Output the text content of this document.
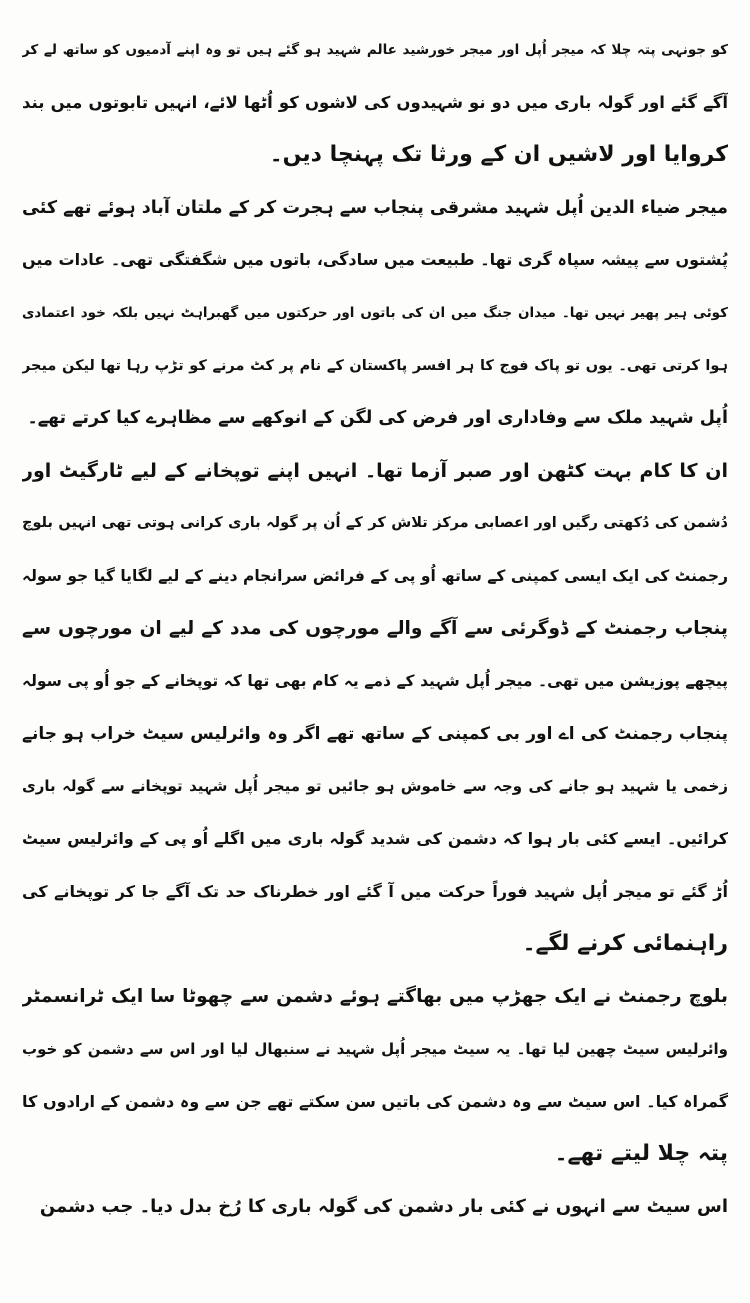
کو جونہی پتہ چلا کہ میجر اُپل اور میجر خورشید عالم شہید ہو گئے ہیں تو وہ اپنے آدمیوں کو ساتھ لے کر
آگے گئے اور گولہ باری میں دو نو شہیدوں کی لاشوں کو اُٹھا لائے، انہیں تابوتوں میں بند
کروایا اور لاشیں ان کے ورثا تک پہنچا دیں۔
میجر ضیاء الدین اُپل شہید مشرقی پنجاب سے ہجرت کر کے ملتان آباد ہوئے تھے کئی
پُشتوں سے پیشہ سپاہ گری تھا۔ طبیعت میں سادگی، باتوں میں شگفتگی تھی۔ عادات میں
کوئی ہیر پھیر نہیں تھا۔ میدان جنگ میں ان کی باتوں اور حرکتوں میں گھبراہٹ نہیں بلکہ خود اعتمادی
ہوا کرتی تھی۔ یوں تو پاک فوج کا ہر افسر پاکستان کے نام پر کٹ مرنے کو تڑپ رہا تھا لیکن میجر
اُپل شہید ملک سے وفاداری اور فرض کی لگن کے انوکھے سے مظاہرے کیا کرتے تھے۔
ان کا کام بہت کٹھن اور صبر آزما تھا۔ انہیں اپنے توپخانے کے لیے ٹارگیٹ اور
دُشمن کی دُکھتی رگیں اور اعصابی مرکز تلاش کر کے اُن پر گولہ باری کرانی ہوتی تھی انہیں بلوچ
رجمنٹ کی ایک ایسی کمپنی کے ساتھ اُو پی کے فرائض سرانجام دینے کے لیے لگایا گیا جو سولہ
پنجاب رجمنٹ کے ڈوگرئی سے آگے والے مورچوں کی مدد کے لیے ان مورچوں سے
پیچھے پوزیشن میں تھی۔ میجر اُپل شہید کے ذمے یہ کام بھی تھا کہ توپخانے کے جو اُو پی سولہ
پنجاب رجمنٹ کی اے اور بی کمپنی کے ساتھ تھے اگر وہ وائرلیس سیٹ خراب ہو جانے
زخمی یا شہید ہو جانے کی وجہ سے خاموش ہو جائیں تو میجر اُپل شہید توپخانے سے گولہ باری
کرائیں۔ ایسے کئی بار ہوا کہ دشمن کی شدید گولہ باری میں اگلے اُو پی کے وائرلیس سیٹ
اُڑ گئے تو میجر اُپل شہید فوراً حرکت میں آ گئے اور خطرناک حد تک آگے جا کر توپخانے کی
راہنمائی کرنے لگے۔
بلوچ رجمنٹ نے ایک جھڑپ میں بھاگتے ہوئے دشمن سے چھوٹا سا ایک ٹرانسمٹر
وائرلیس سیٹ چھین لیا تھا۔ یہ سیٹ میجر اُپل شہید نے سنبھال لیا اور اس سے دشمن کو خوب
گمراہ کیا۔ اس سیٹ سے وہ دشمن کی باتیں سن سکتے تھے جن سے وہ دشمن کے ارادوں کا
پتہ چلا لیتے تھے۔
اس سیٹ سے انہوں نے کئی بار دشمن کی گولہ باری کا رُخ بدل دیا۔ جب دشمن
